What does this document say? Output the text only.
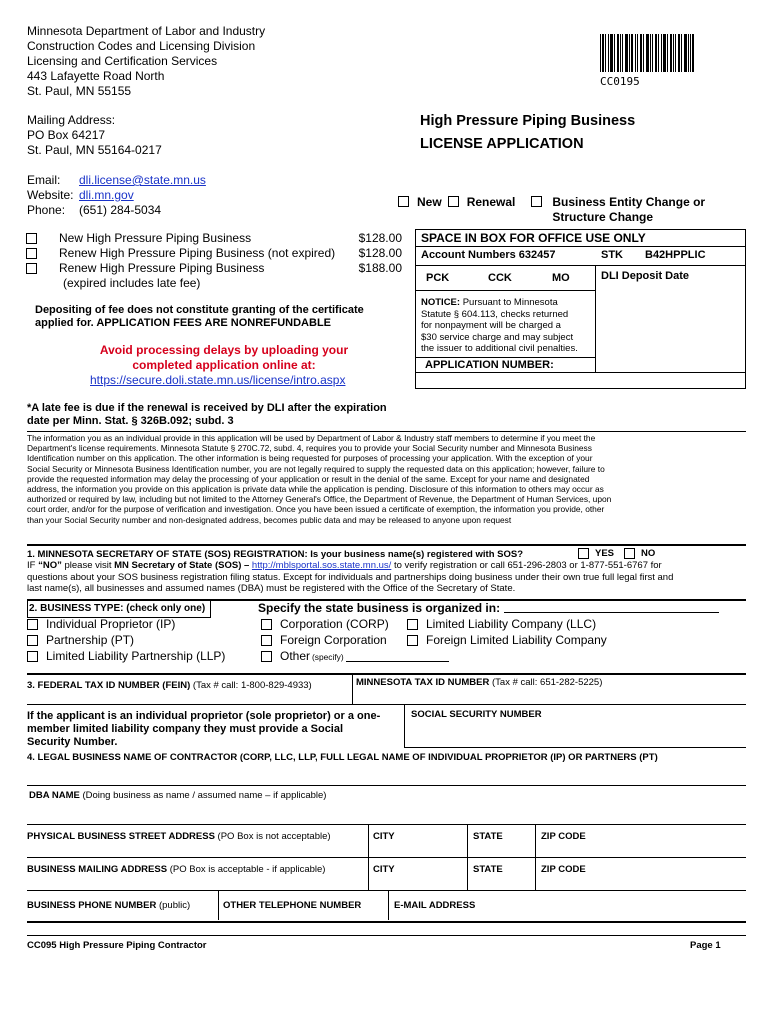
Minnesota Department of Labor and Industry
Construction Codes and Licensing Division
Licensing and Certification Services
443 Lafayette Road North
St. Paul, MN 55155
Mailing Address:
PO Box 64217
St. Paul, MN 55164-0217
Email: dli.license@state.mn.us
Website: dli.mn.gov
Phone: (651) 284-5034
CC0195
High Pressure Piping Business
LICENSE APPLICATION
New Renewal	Business Entity Change or
Structure Change
New High Pressure Piping Business	$128.00
Renew High Pressure Piping Business (not expired)	$128.00
Renew High Pressure Piping Business	$188.00
(expired includes late fee)
Depositing of fee does not constitute granting of the certificate
applied for. APPLICATION FEES ARE NONREFUNDABLE
Avoid processing delays by uploading your
completed application online at:
https://secure.doli.state.mn.us/license/intro.aspx
*A late fee is due if the renewal is received by DLI after the expiration
date per Minn. Stat. § 326B.092; subd. 3
SPACE IN BOX FOR OFFICE USE ONLY
Account Numbers 632457	STK B42HPPLIC
PCK	CCK	MO	DLI Deposit Date
NOTICE: Pursuant to Minnesota
Statute § 604.113, checks returned
for nonpayment will be charged a
$30 service charge and may subject
the issuer to additional civil penalties.
APPLICATION NUMBER:
The information you as an individual provide in this application will be used by Department of Labor & Industry staff members to determine if you meet the
Department's license requirements. Minnesota Statute § 270C.72, subd. 4, requires you to provide your Social Security number and Minnesota Business
Identification number on this application. The other information is being requested for purposes of processing your application. With the exception of your
Social Security or Minnesota Business Identification number, you are not legally required to supply the requested data on this application; however, failure to
provide the requested information may delay the processing of your application or result in the denial of the same. Except for your name and designated
address, the information you provide on this application is private data while the application is pending. Disclosure of this information to others may occur as
authorized or required by law, including but not limited to the Attorney General's Office, the Department of Revenue, the Department of Human Services, upon
court order, and/or for the purpose of verification and investigation. Once you have been issued a certificate of exemption, the information you provide, other
than your Social Security number and non-designated address, becomes public data and may be released to anyone upon request
1. MINNESOTA SECRETARY OF STATE (SOS) REGISTRATION: Is your business name(s) registered with SOS?	YES	NO
IF “NO” please visit MN Secretary of State (SOS) – http://mblsportal.sos.state.mn.us/ to verify registration or call 651-296-2803 or 1-877-551-6767 for
questions about your SOS business registration filing status. Except for individuals and partnerships doing business under their own true full legal first and
last name(s), all businesses and assumed names (DBA) must be registered with the Office of the Secretary of State.
2. BUSINESS TYPE: (check only one)	Specify the state business is organized in:
Individual Proprietor (IP)
Partnership (PT)
Limited Liability Partnership (LLP)
Corporation (CORP)
Foreign Corporation
Other (specify)
Limited Liability Company (LLC)
Foreign Limited Liability Company
3. FEDERAL TAX ID NUMBER (FEIN) (Tax # call: 1-800-829-4933)	MINNESOTA TAX ID NUMBER (Tax # call: 651-282-5225)
If the applicant is an individual proprietor (sole proprietor) or a one-
member limited liability company they must provide a Social
Security Number.
SOCIAL SECURITY NUMBER
4. LEGAL BUSINESS NAME OF CONTRACTOR (CORP, LLC, LLP, FULL LEGAL NAME OF INDIVIDUAL PROPRIETOR (IP) OR PARTNERS (PT)
DBA NAME (Doing business as name / assumed name – if applicable)
PHYSICAL BUSINESS STREET ADDRESS (PO Box is not acceptable)	CITY	STATE	ZIP CODE
BUSINESS MAILING ADDRESS (PO Box is acceptable - if applicable)	CITY	STATE	ZIP CODE
BUSINESS PHONE NUMBER (public)	OTHER TELEPHONE NUMBER	E-MAIL ADDRESS
CC095 High Pressure Piping Contractor	Page 1
